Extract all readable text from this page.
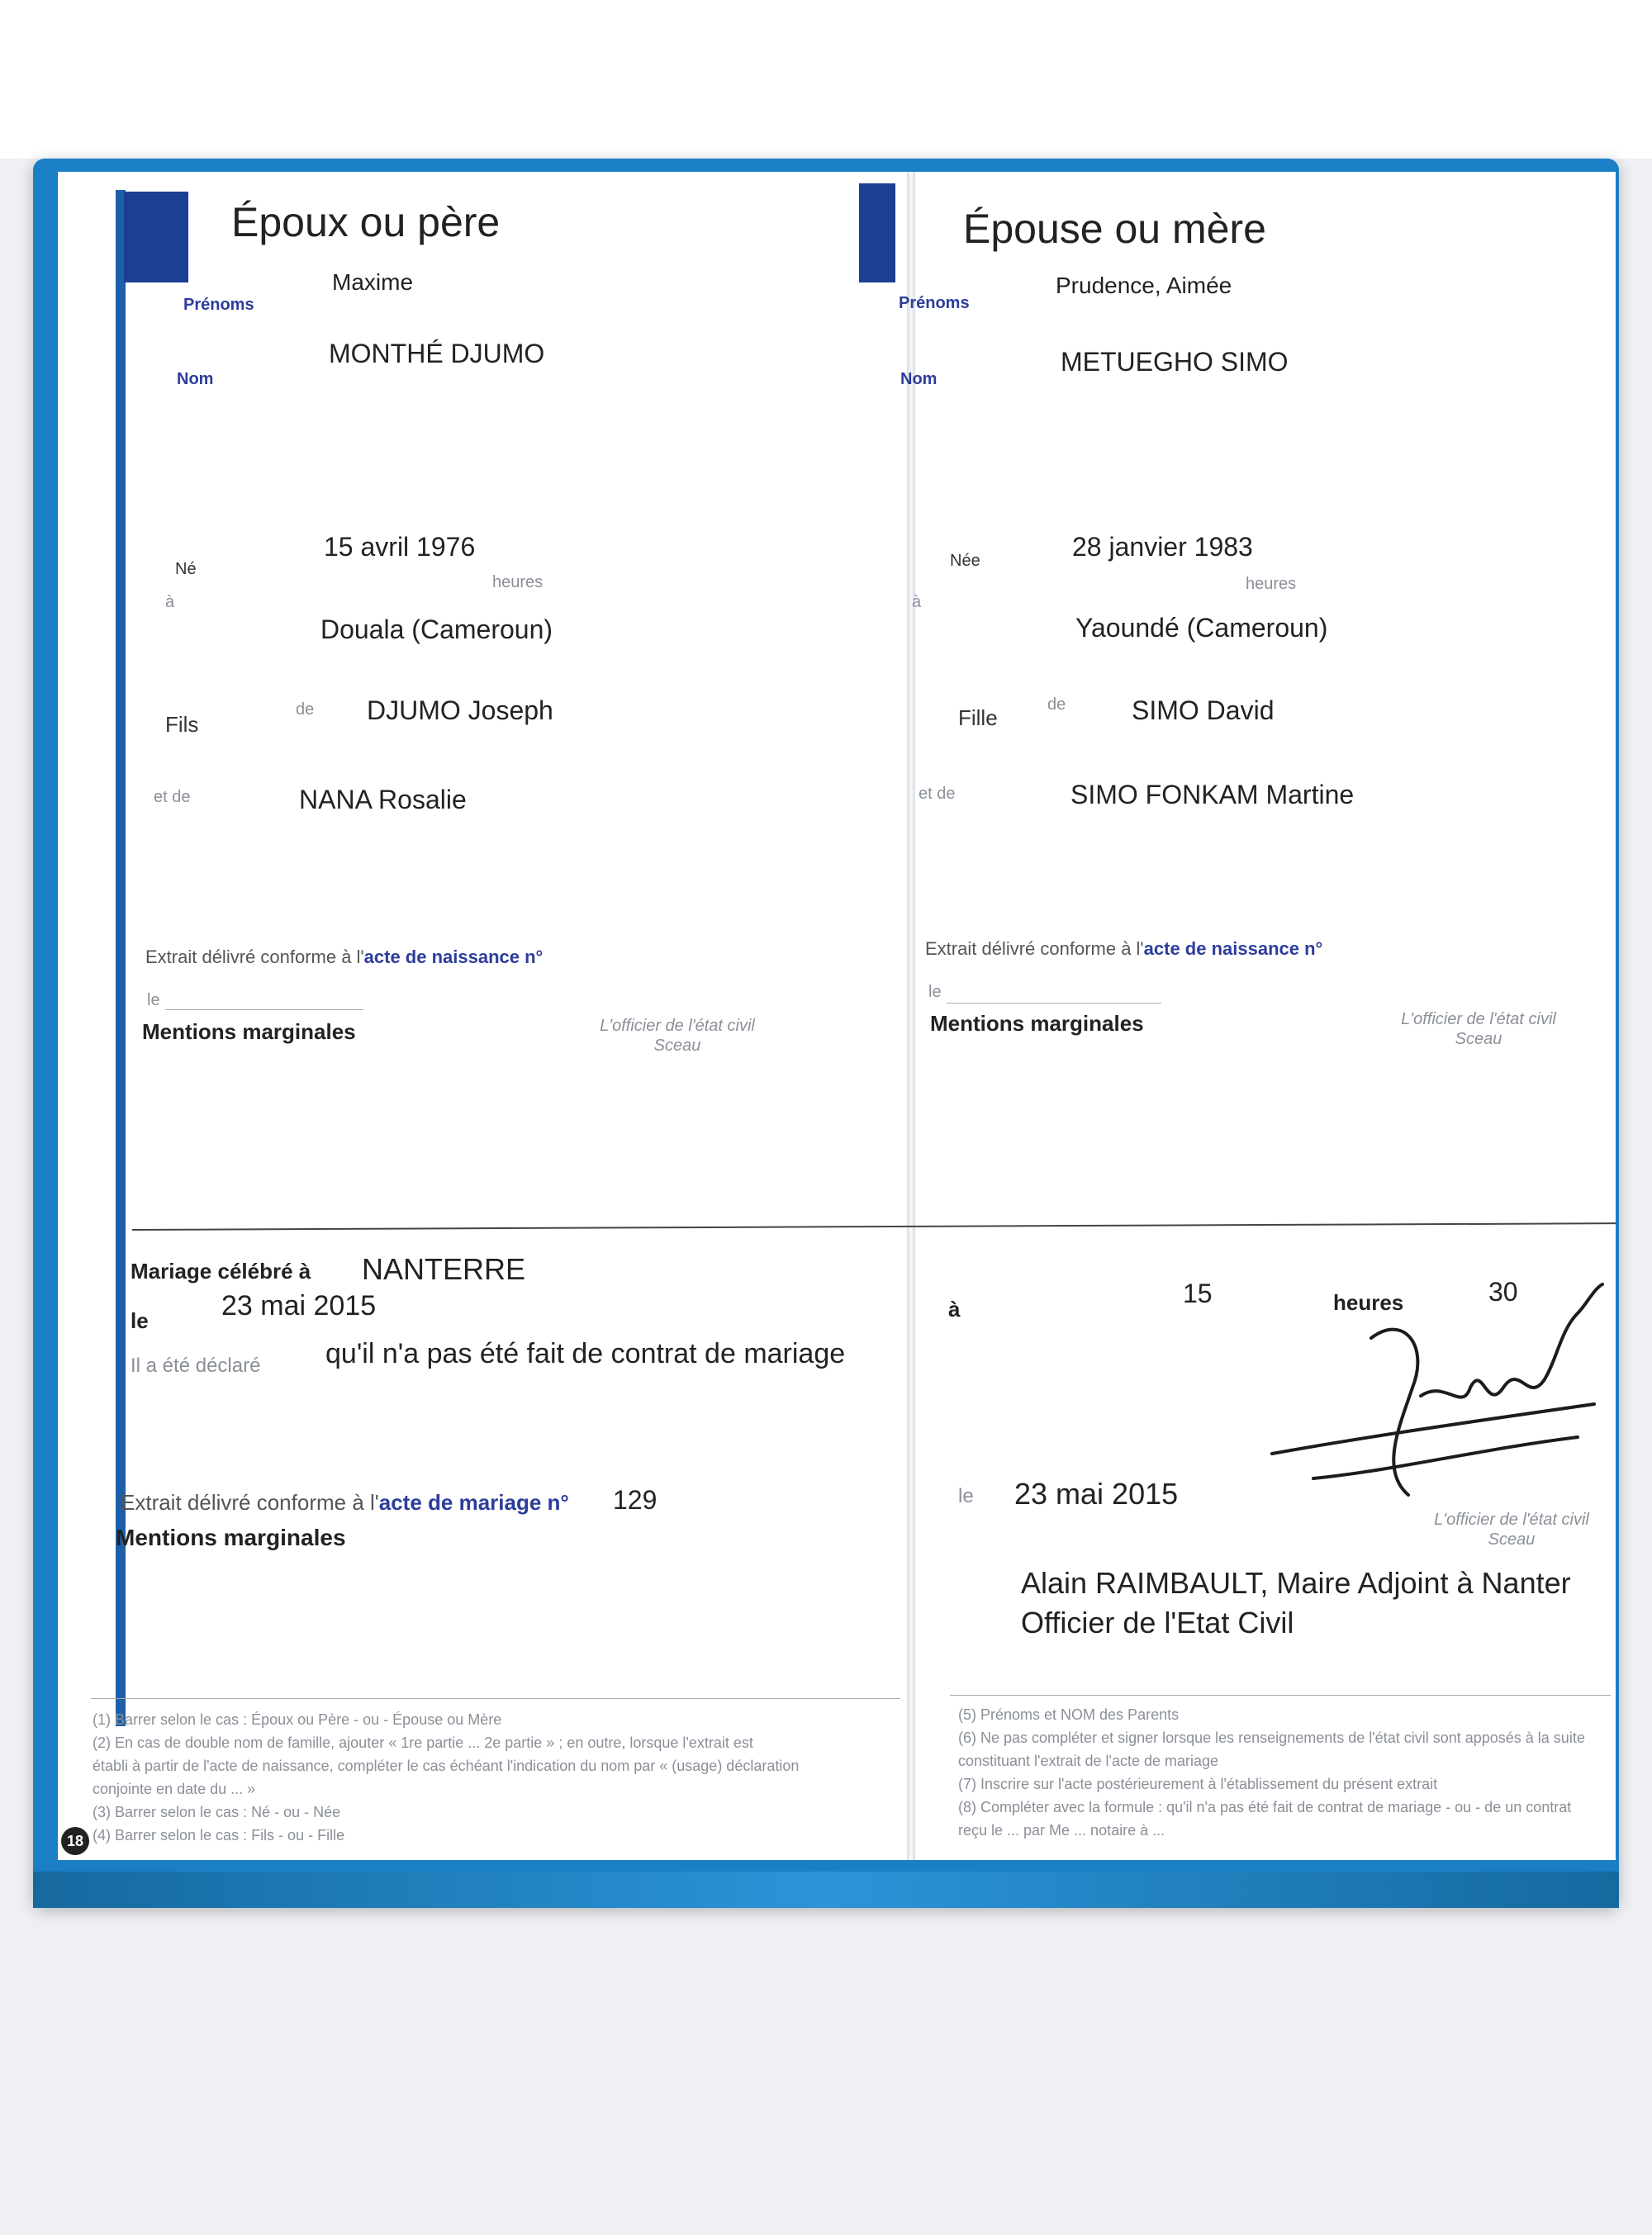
Époux ou père
Prénoms
Maxime
Nom
MONTHÉ DJUMO
Né
15 avril 1976
heures
à
Douala (Cameroun)
Fils
de DJUMO Joseph
et de	NANA Rosalie
Extrait délivré conforme à l'acte de naissance n°
le
Mentions marginales	L'officier de l'état civil
Sceau
Épouse ou mère
Prénoms
Prudence, Aimée
Nom
METUEGHO SIMO
Née	28 janvier 1983
heures
à
Yaoundé (Cameroun)
Fille
de SIMO David
et de	SIMO FONKAM Martine
Extrait délivré conforme à l'acte de naissance n°
le
Mentions marginales	L'officier de l'état civil
Sceau
Mariage célébré à NANTERRE
le	23 mai 2015	à
15	heures	30
Il a été déclaré qu'il n'a pas été fait de contrat de mariage
Extrait délivré conforme à l'acte de mariage n° 129	le 23 mai 2015
Mentions marginales
L'officier de l'état civil
Sceau
Alain RAIMBAULT, Maire Adjoint à Nanter
Officier de l'Etat Civil
(1) Barrer selon le cas : Époux ou Père - ou - Épouse ou Mère
(2) En cas de double nom de famille, ajouter « 1re partie ... 2e partie » ; en outre, lorsque l'extrait est
établi à partir de l'acte de naissance, compléter le cas échéant l'indication du nom par « (usage) déclaration
conjointe en date du ... »
(3) Barrer selon le cas : Né - ou - Née
(4) Barrer selon le cas : Fils - ou - Fille
18
(5) Prénoms et NOM des Parents
(6) Ne pas compléter et signer lorsque les renseignements de l'état civil sont apposés à la suite
constituant l'extrait de l'acte de mariage
(7) Inscrire sur l'acte postérieurement à l'établissement du présent extrait
(8) Compléter avec la formule : qu'il n'a pas été fait de contrat de mariage - ou - de un contrat
reçu le ... par Me ... notaire à ...
